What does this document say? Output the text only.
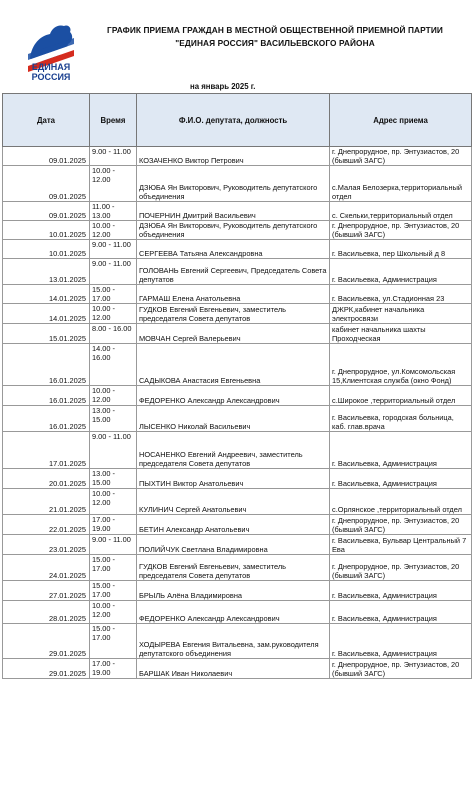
ЕДИНАЯ
РОССИЯ
ГРАФИК ПРИЕМА ГРАЖДАН В МЕСТНОЙ ОБЩЕСТВЕННОЙ ПРИЕМНОЙ ПАРТИИ
"ЕДИНАЯ РОССИЯ" ВАСИЛЬЕВСКОГО РАЙОНА
на январь 2025 г.
Дата	Время	Ф.И.О. депутата, должность	Адрес приема

09.01.2025	9.00 - 11.00	КОЗАЧЕНКО Виктор Петрович	г. Днепрорудное, пр. Энтузиастов, 20 (бывший ЗАГС)

09.01.2025	10.00 - 12.00	ДЗЮБА Ян Викторович, Руководитель депутатского объединения	с.Малая Белозерка,территориальный отдел

09.01.2025	11.00 - 13.00	ПОЧЕРНИН Дмитрий Васильевич	с. Скельки,территориальный отдел

10.01.2025	10.00 - 12.00	ДЗЮБА Ян Викторович, Руководитель депутатского объединения	г. Днепрорудное, пр. Энтузиастов, 20 (бывший ЗАГС)

10.01.2025	9.00 - 11.00	СЕРГЕЕВА Татьяна Александровна	г. Васильевка, пер Школьный д 8

13.01.2025	9.00 - 11.00	ГОЛОВАНЬ Евгений Сергеевич, Председатель Совета депутатов	г. Васильевка, Администрация

14.01.2025	15.00 - 17.00	ГАРМАШ Елена Анатольевна	г. Васильевка, ул.Стадионная 23

14.01.2025	10.00 - 12.00	ГУДКОВ Евгений Евгеньевич, заместитель председателя Совета депутатов	ДЖРК,кабинет начальника электросвязи

15.01.2025	8.00 - 16.00	МОВЧАН Сергей Валерьевич	кабинет начальника шахты Проходческая

16.01.2025	14.00 - 16.00	САДЫКОВА Анастасия Евгеньевна	г. Днепрорудное, ул.Комсомольская 15,Клиентская служба (окно Фонд)

16.01.2025	10.00 - 12.00	ФЕДОРЕНКО Александр Александрович	с.Широкое ,территориальный отдел

16.01.2025	13.00 - 15.00	ЛЫСЕНКО Николай Васильевич	г. Васильевка, городская больница, каб. глав.врача

17.01.2025	9.00 - 11.00	НОСАНЕНКО Евгений Андреевич, заместитель председателя Совета депутатов	г. Васильевка, Администрация

20.01.2025	13.00 - 15.00	ПЫХТИН Виктор Анатольевич	г. Васильевка, Администрация

21.01.2025	10.00 - 12.00	КУЛИНИЧ Сергей Анатольевич	с.Орлянское ,территориальный отдел

22.01.2025	17.00 - 19.00	БЕТИН Александр Анатольевич	г. Днепрорудное, пр. Энтузиастов, 20 (бывший ЗАГС)

23.01.2025	9.00 - 11.00	ПОЛИЙЧУК Светлана Владимировна	г. Васильевка, Бульвар Центральный 7 Ева

24.01.2025	15.00 - 17.00	ГУДКОВ Евгений Евгеньевич, заместитель председателя Совета депутатов	г. Днепрорудное, пр. Энтузиастов, 20 (бывший ЗАГС)

27.01.2025	15.00 - 17.00	БРЫЛЬ Алёна Владимировна	г. Васильевка, Администрация

28.01.2025	10.00 - 12.00	ФЕДОРЕНКО Александр Александрович	г. Васильевка, Администрация

29.01.2025	15.00 - 17.00	ХОДЫРЕВА Евгения Витальевна, зам.руководителя депутатского объединения	г. Васильевка, Администрация

29.01.2025	17.00 - 19.00	БАРШАК Иван Николаевич	г. Днепрорудное, пр. Энтузиастов, 20 (бывший ЗАГС)
